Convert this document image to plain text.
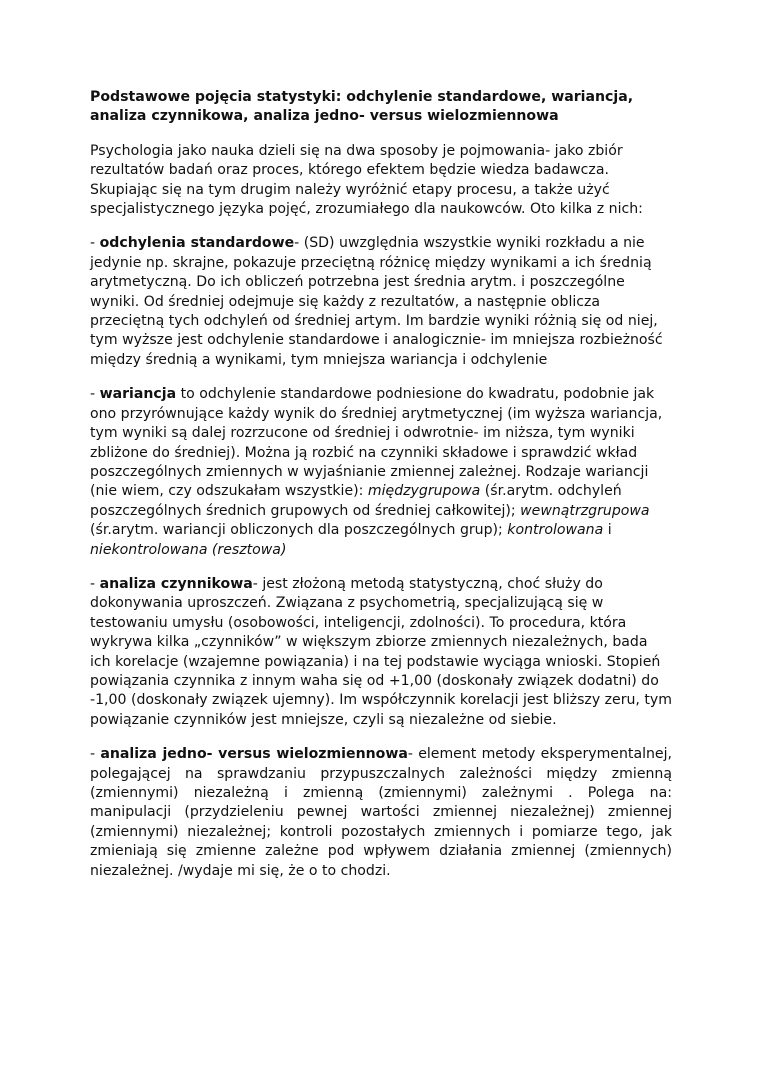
Podstawowe pojęcia statystyki: odchylenie standardowe, wariancja, analiza czynnikowa, analiza jedno- versus wielozmiennowa

Psychologia jako nauka dzieli się na dwa sposoby je pojmowania- jako zbiór rezultatów badań oraz proces, którego efektem będzie wiedza badawcza. Skupiając się na tym drugim należy wyróżnić etapy procesu, a także użyć specjalistycznego języka pojęć, zrozumiałego dla naukowców. Oto kilka z nich:

- odchylenia standardowe- (SD) uwzględnia wszystkie wyniki rozkładu a nie jedynie np. skrajne, pokazuje przeciętną różnicę między wynikami a ich średnią arytmetyczną. Do ich obliczeń potrzebna jest średnia arytm. i poszczególne wyniki. Od średniej odejmuje się każdy z rezultatów, a następnie oblicza przeciętną tych odchyleń od średniej artym. Im bardzie wyniki różnią się od niej, tym wyższe jest odchylenie standardowe i analogicznie- im mniejsza rozbieżność między średnią a wynikami, tym mniejsza wariancja i odchylenie

- wariancja to odchylenie standardowe podniesione do kwadratu, podobnie jak ono przyrównujące każdy wynik do średniej arytmetycznej (im wyższa wariancja, tym wyniki są dalej rozrzucone od średniej i odwrotnie- im niższa, tym wyniki zbliżone do średniej). Można ją rozbić na czynniki składowe i sprawdzić wkład poszczególnych zmiennych w wyjaśnianie zmiennej zależnej. Rodzaje wariancji (nie wiem, czy odszukałam wszystkie): międzygrupowa (śr.arytm. odchyleń poszczególnych średnich grupowych od średniej całkowitej); wewnątrzgrupowa (śr.arytm. wariancji obliczonych dla poszczególnych grup); kontrolowana i niekontrolowana (resztowa)

- analiza czynnikowa- jest złożoną metodą statystyczną, choć służy do dokonywania uproszczeń. Związana z psychometrią, specjalizującą się w testowaniu umysłu (osobowości, inteligencji, zdolności). To procedura, która wykrywa kilka „czynników” w większym zbiorze zmiennych niezależnych, bada ich korelacje (wzajemne powiązania) i na tej podstawie wyciąga wnioski. Stopień powiązania czynnika z innym waha się od +1,00 (doskonały związek dodatni) do -1,00 (doskonały związek ujemny). Im współczynnik korelacji jest bliższy zeru, tym powiązanie czynników jest mniejsze, czyli są niezależne od siebie.

- analiza jedno- versus wielozmiennowa- element metody eksperymentalnej, polegającej na sprawdzaniu przypuszczalnych zależności między zmienną (zmiennymi) niezależną i zmienną (zmiennymi) zależnymi . Polega na: manipulacji (przydzieleniu pewnej wartości zmiennej niezależnej) zmiennej (zmiennymi) niezależnej; kontroli pozostałych zmiennych i pomiarze tego, jak zmieniają się zmienne zależne pod wpływem działania zmiennej (zmiennych) niezależnej. /wydaje mi się, że o to chodzi.
